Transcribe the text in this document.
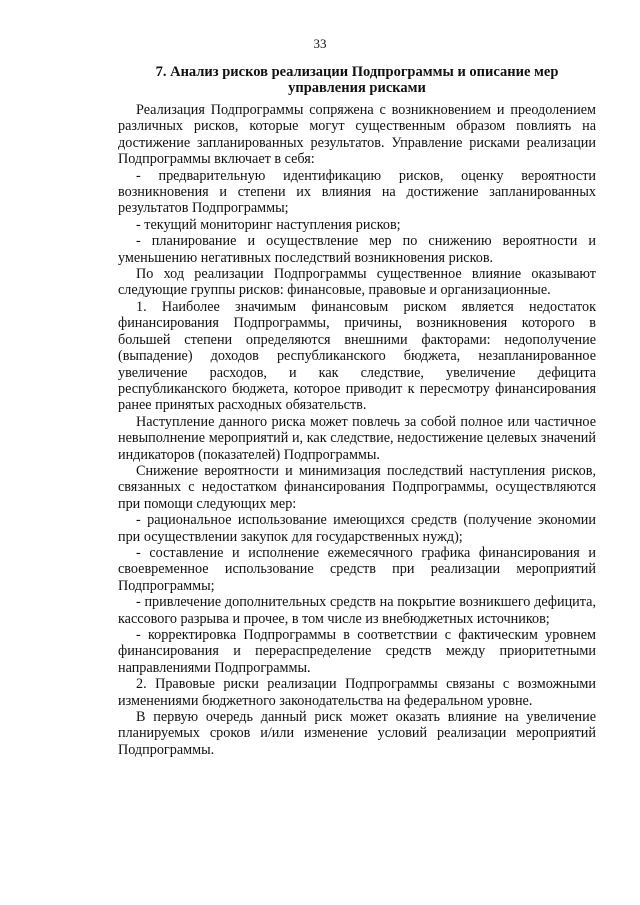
33
7. Анализ рисков реализации Подпрограммы и описание мер управления рисками

Реализация Подпрограммы сопряжена с возникновением и преодолением различных рисков, которые могут существенным образом повлиять на достижение запланированных результатов. Управление рисками реализации Подпрограммы включает в себя:

- предварительную идентификацию рисков, оценку вероятности возникновения и степени их влияния на достижение запланированных результатов Подпрограммы;

- текущий мониторинг наступления рисков;

- планирование и осуществление мер по снижению вероятности и уменьшению негативных последствий возникновения рисков.

По ход реализации Подпрограммы существенное влияние оказывают следующие группы рисков: финансовые, правовые и организационные.

1. Наиболее значимым финансовым риском является недостаток финансирования Подпрограммы, причины, возникновения которого в большей степени определяются внешними факторами: недополучение (выпадение) доходов республиканского бюджета, незапланированное увеличение расходов, и как следствие, увеличение дефицита республиканского бюджета, которое приводит к пересмотру финансирования ранее принятых расходных обязательств.

Наступление данного риска может повлечь за собой полное или частичное невыполнение мероприятий и, как следствие, недостижение целевых значений индикаторов (показателей) Подпрограммы.

Снижение вероятности и минимизация последствий наступления рисков, связанных с недостатком финансирования Подпрограммы, осуществляются при помощи следующих мер:

- рациональное использование имеющихся средств (получение экономии при осуществлении закупок для государственных нужд);

- составление и исполнение ежемесячного графика финансирования и своевременное использование средств при реализации мероприятий Подпрограммы;

- привлечение дополнительных средств на покрытие возникшего дефицита, кассового разрыва и прочее, в том числе из внебюджетных источников;

- корректировка Подпрограммы в соответствии с фактическим уровнем финансирования и перераспределение средств между приоритетными направлениями Подпрограммы.

2. Правовые риски реализации Подпрограммы связаны с возможными изменениями бюджетного законодательства на федеральном уровне.

В первую очередь данный риск может оказать влияние на увеличение планируемых сроков и/или изменение условий реализации мероприятий Подпрограммы.
